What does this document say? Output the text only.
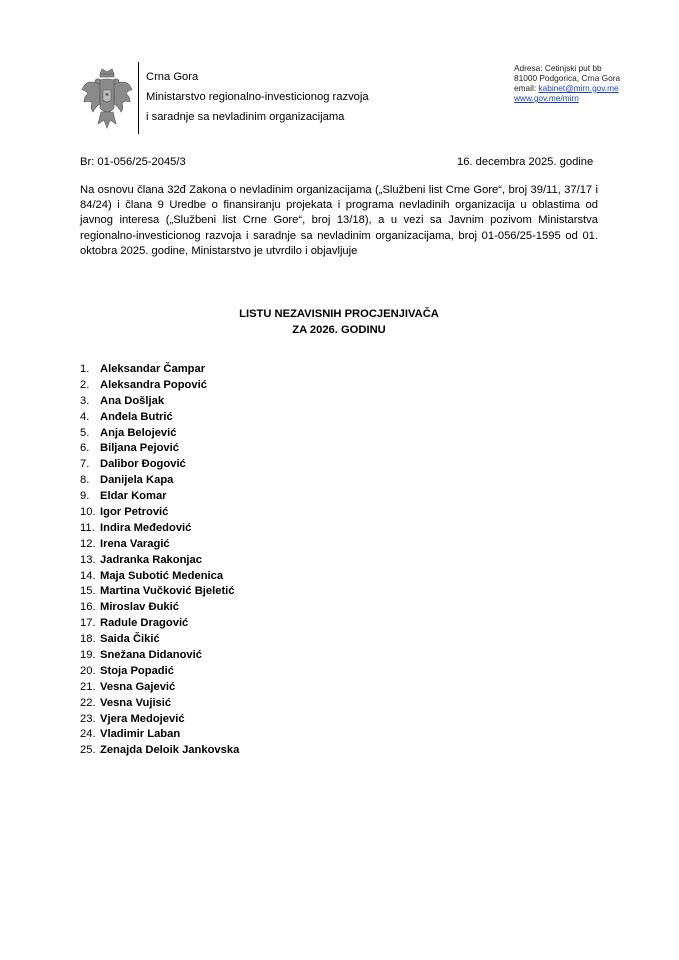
Crna Gora
Ministarstvo regionalno-investicionog razvoja
i saradnje sa nevladinim organizacijama
Adresa: Cetinjski put bb
81000 Podgorica, Crna Gora
email: kabinet@mirn.gov.me
www.gov.me/mirn
Br: 01-056/25-2045/3	16. decembra 2025. godine
Na osnovu člana 32đ Zakona o nevladinim organizacijama („Službeni list Crne Gore“, broj 39/11, 37/17 i 84/24) i člana 9 Uredbe o finansiranju projekata i programa nevladinih organizacija u oblastima od javnog interesa („Službeni list Crne Gore“, broj 13/18), a u vezi sa Javnim pozivom Ministarstva regionalno-investicionog razvoja i saradnje sa nevladinim organizacijama, broj 01-056/25-1595 od 01. oktobra 2025. godine, Ministarstvo je utvrdilo i objavljuje
LISTU NEZAVISNIH PROCJENJIVAČA
ZA 2026. GODINU
1. Aleksandar Čampar
2. Aleksandra Popović
3. Ana Došljak
4. Anđela Butrić
5. Anja Belojević
6. Biljana Pejović
7. Dalibor Đogović
8. Danijela Kapa
9. Eldar Komar
10. Igor Petrović
11. Indira Međedović
12. Irena Varagić
13. Jadranka Rakonjac
14. Maja Subotić Medenica
15. Martina Vučković Bjeletić
16. Miroslav Đukić
17. Radule Dragović
18. Saida Čikić
19. Snežana Didanović
20. Stoja Popadić
21. Vesna Gajević
22. Vesna Vujisić
23. Vjera Medojević
24. Vladimir Laban
25. Zenajda Deloik Jankovska
